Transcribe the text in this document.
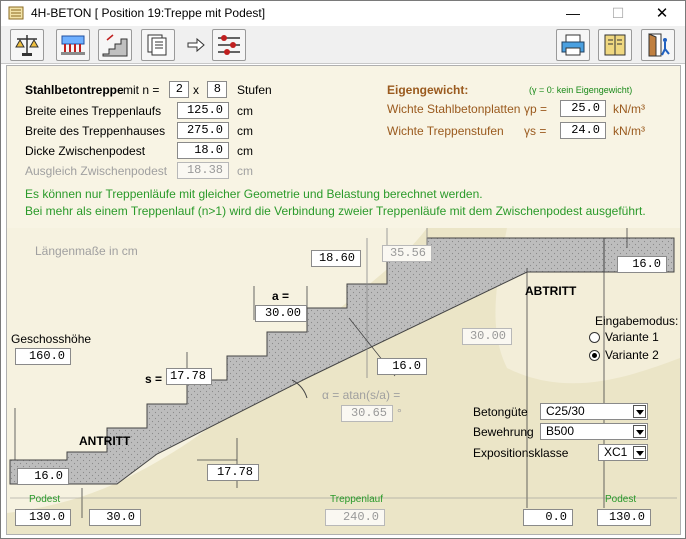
4H-BETON [ Position 19:Treppe mit Podest]	—	☐	✕
Stahlbetontreppe mit n =	2 x	8	Stufen
Breite eines Treppenlaufs	125.0	cm
Breite des Treppenhauses	275.0	cm
Dicke Zwischenpodest	18.0	cm
Ausgleich Zwischenpodest	18.38	cm
Eigengewicht:	(γ = 0: kein Eigengewicht)
Wichte Stahlbetonplatten γp =	25.0	kN/m³
Wichte Treppenstufen γs =	24.0	kN/m³
Es können nur Treppenläufe mit gleicher Geometrie und Belastung berechnet werden.
Bei mehr als einem Treppenlauf (n>1) wird die Verbindung zweier Treppenläufe mit dem Zwischenpodest ausgeführt.
Längenmaße in cm
Geschosshöhe
160.0
ANTRITT
ABTRITT
a =
30.00
s = 17.78
18.60	35.56
16.0
16.0
16.0
30.00
17.78
α = atan(s/a) =
30.65 °
Eingabemodus:
Variante 1
Variante 2
Betongüte	C25/30
Bewehrung	B500
Expositionsklasse	XC1
Podest
130.0	30.0
Treppenlauf
240.0	0.0
Podest
130.0
